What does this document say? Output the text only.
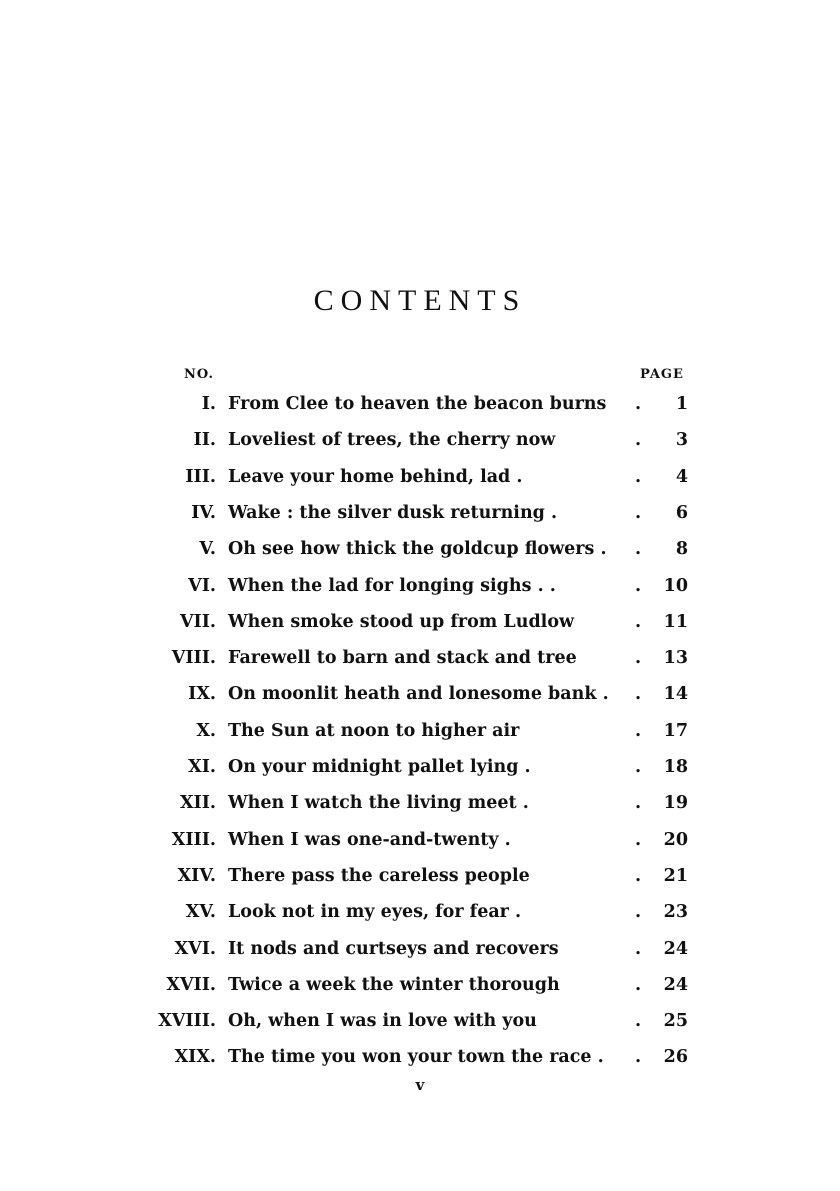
CONTENTS
NO.	PAGE
I. From Clee to heaven the beacon burns . 1
II. Loveliest of trees, the cherry now	. 3
III. Leave your home behind, lad .	. 4
IV. Wake : the silver dusk returning .	. 6
V. Oh see how thick the goldcup flowers . . 8
VI. When the lad for longing sighs . .	. 10
VII. When smoke stood up from Ludlow	. 11
VIII. Farewell to barn and stack and tree	. 13
IX. On moonlit heath and lonesome bank . . 14
X. The Sun at noon to higher air	. 17
XI. On your midnight pallet lying .	. 18
XII. When I watch the living meet .	. 19
XIII. When I was one-and-twenty .	. 20
XIV. There pass the careless people	. 21
XV. Look not in my eyes, for fear .	. 23
XVI. It nods and curtseys and recovers	. 24
XVII. Twice a week the winter thorough	. 24
XVIII. Oh, when I was in love with you	. 25
XIX. The time you won your town the race . . 26
v
